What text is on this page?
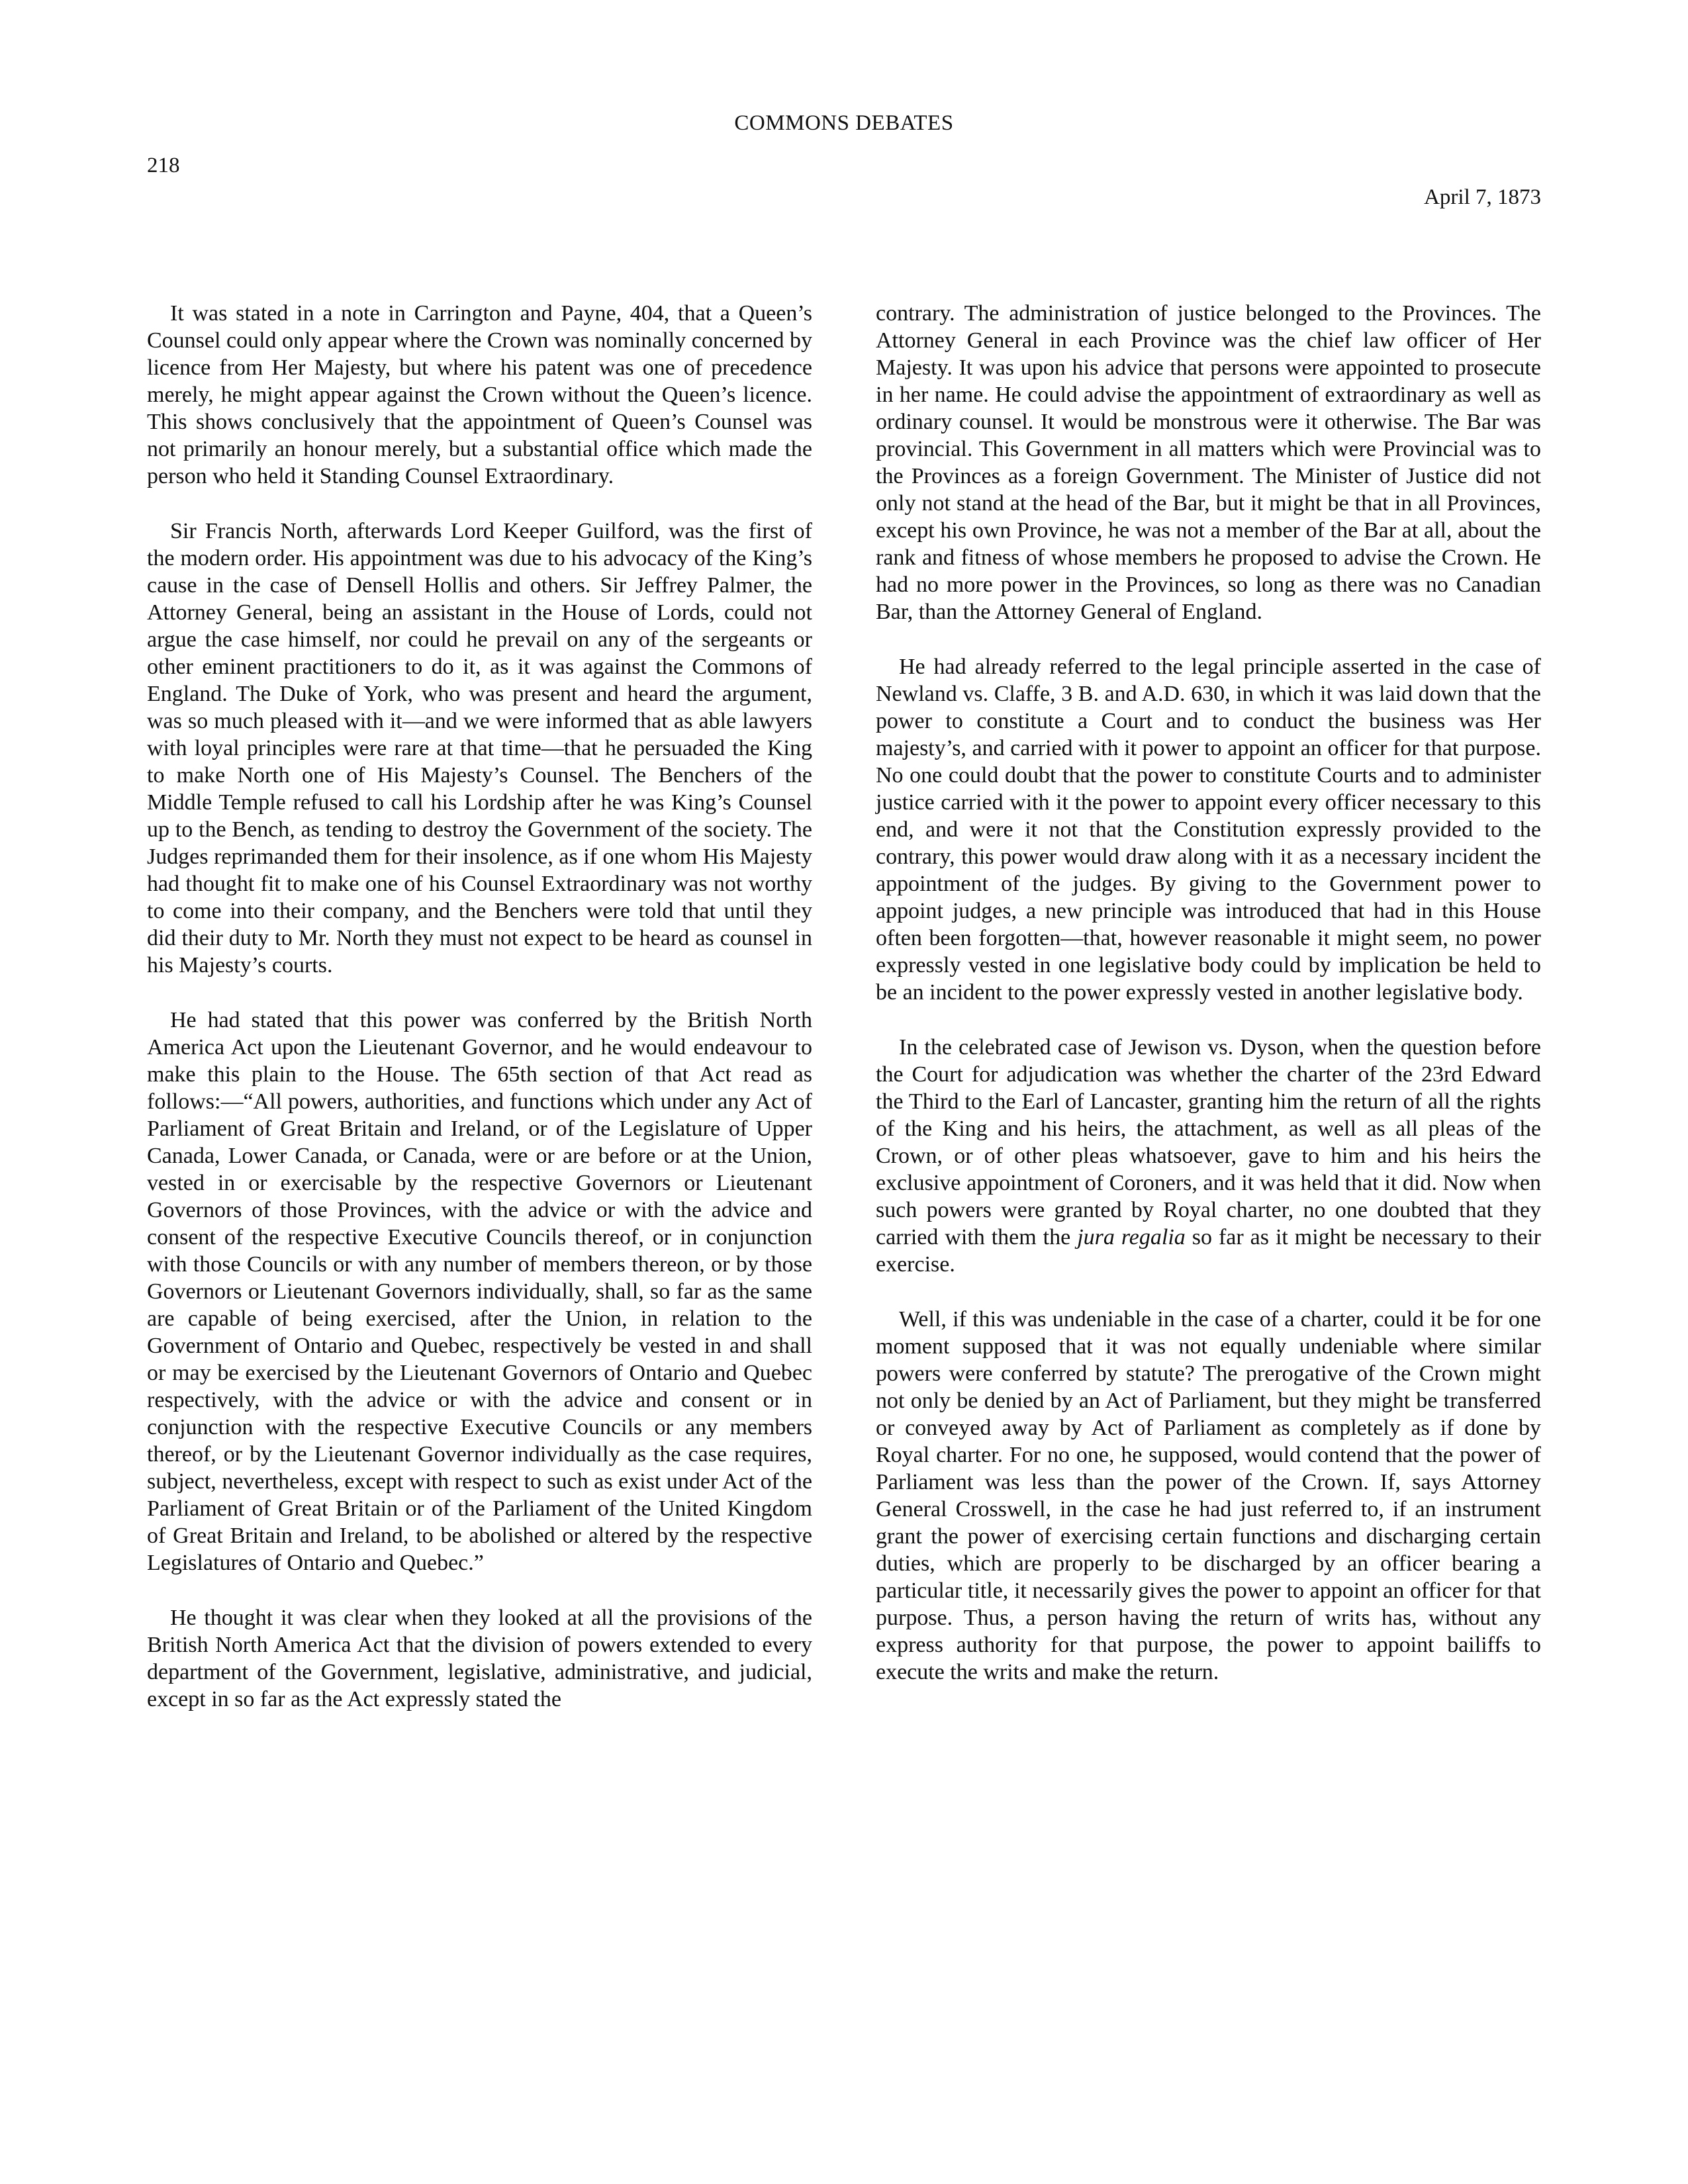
COMMONS DEBATES
218
April 7, 1873

It was stated in a note in Carrington and Payne, 404, that a Queen’s Counsel could only appear where the Crown was nominally concerned by licence from Her Majesty, but where his patent was one of precedence merely, he might appear against the Crown without the Queen’s licence. This shows conclusively that the appointment of Queen’s Counsel was not primarily an honour merely, but a substantial office which made the person who held it Standing Counsel Extraordinary.

Sir Francis North, afterwards Lord Keeper Guilford, was the first of the modern order. His appointment was due to his advocacy of the King’s cause in the case of Densell Hollis and others. Sir Jeffrey Palmer, the Attorney General, being an assistant in the House of Lords, could not argue the case himself, nor could he prevail on any of the sergeants or other eminent practitioners to do it, as it was against the Commons of England. The Duke of York, who was present and heard the argument, was so much pleased with it—and we were informed that as able lawyers with loyal principles were rare at that time—that he persuaded the King to make North one of His Majesty’s Counsel. The Benchers of the Middle Temple refused to call his Lordship after he was King’s Counsel up to the Bench, as tending to destroy the Government of the society. The Judges reprimanded them for their insolence, as if one whom His Majesty had thought fit to make one of his Counsel Extraordinary was not worthy to come into their company, and the Benchers were told that until they did their duty to Mr. North they must not expect to be heard as counsel in his Majesty’s courts.

He had stated that this power was conferred by the British North America Act upon the Lieutenant Governor, and he would endeavour to make this plain to the House. The 65th section of that Act read as follows:—“All powers, authorities, and functions which under any Act of Parliament of Great Britain and Ireland, or of the Legislature of Upper Canada, Lower Canada, or Canada, were or are before or at the Union, vested in or exercisable by the respective Governors or Lieutenant Governors of those Provinces, with the advice or with the advice and consent of the respective Executive Councils thereof, or in conjunction with those Councils or with any number of members thereon, or by those Governors or Lieutenant Governors individually, shall, so far as the same are capable of being exercised, after the Union, in relation to the Government of Ontario and Quebec, respectively be vested in and shall or may be exercised by the Lieutenant Governors of Ontario and Quebec respectively, with the advice or with the advice and consent or in conjunction with the respective Executive Councils or any members thereof, or by the Lieutenant Governor individually as the case requires, subject, nevertheless, except with respect to such as exist under Act of the Parliament of Great Britain or of the Parliament of the United Kingdom of Great Britain and Ireland, to be abolished or altered by the respective Legislatures of Ontario and Quebec.”

He thought it was clear when they looked at all the provisions of the British North America Act that the division of powers extended to every department of the Government, legislative, administrative, and judicial, except in so far as the Act expressly stated the

contrary. The administration of justice belonged to the Provinces. The Attorney General in each Province was the chief law officer of Her Majesty. It was upon his advice that persons were appointed to prosecute in her name. He could advise the appointment of extraordinary as well as ordinary counsel. It would be monstrous were it otherwise. The Bar was provincial. This Government in all matters which were Provincial was to the Provinces as a foreign Government. The Minister of Justice did not only not stand at the head of the Bar, but it might be that in all Provinces, except his own Province, he was not a member of the Bar at all, about the rank and fitness of whose members he proposed to advise the Crown. He had no more power in the Provinces, so long as there was no Canadian Bar, than the Attorney General of England.

He had already referred to the legal principle asserted in the case of Newland vs. Claffe, 3 B. and A.D. 630, in which it was laid down that the power to constitute a Court and to conduct the business was Her majesty’s, and carried with it power to appoint an officer for that purpose. No one could doubt that the power to constitute Courts and to administer justice carried with it the power to appoint every officer necessary to this end, and were it not that the Constitution expressly provided to the contrary, this power would draw along with it as a necessary incident the appointment of the judges. By giving to the Government power to appoint judges, a new principle was introduced that had in this House often been forgotten—that, however reasonable it might seem, no power expressly vested in one legislative body could by implication be held to be an incident to the power expressly vested in another legislative body.

In the celebrated case of Jewison vs. Dyson, when the question before the Court for adjudication was whether the charter of the 23rd Edward the Third to the Earl of Lancaster, granting him the return of all the rights of the King and his heirs, the attachment, as well as all pleas of the Crown, or of other pleas whatsoever, gave to him and his heirs the exclusive appointment of Coroners, and it was held that it did. Now when such powers were granted by Royal charter, no one doubted that they carried with them the jura regalia so far as it might be necessary to their exercise.

Well, if this was undeniable in the case of a charter, could it be for one moment supposed that it was not equally undeniable where similar powers were conferred by statute? The prerogative of the Crown might not only be denied by an Act of Parliament, but they might be transferred or conveyed away by Act of Parliament as completely as if done by Royal charter. For no one, he supposed, would contend that the power of Parliament was less than the power of the Crown. If, says Attorney General Crosswell, in the case he had just referred to, if an instrument grant the power of exercising certain functions and discharging certain duties, which are properly to be discharged by an officer bearing a particular title, it necessarily gives the power to appoint an officer for that purpose. Thus, a person having the return of writs has, without any express authority for that purpose, the power to appoint bailiffs to execute the writs and make the return.
